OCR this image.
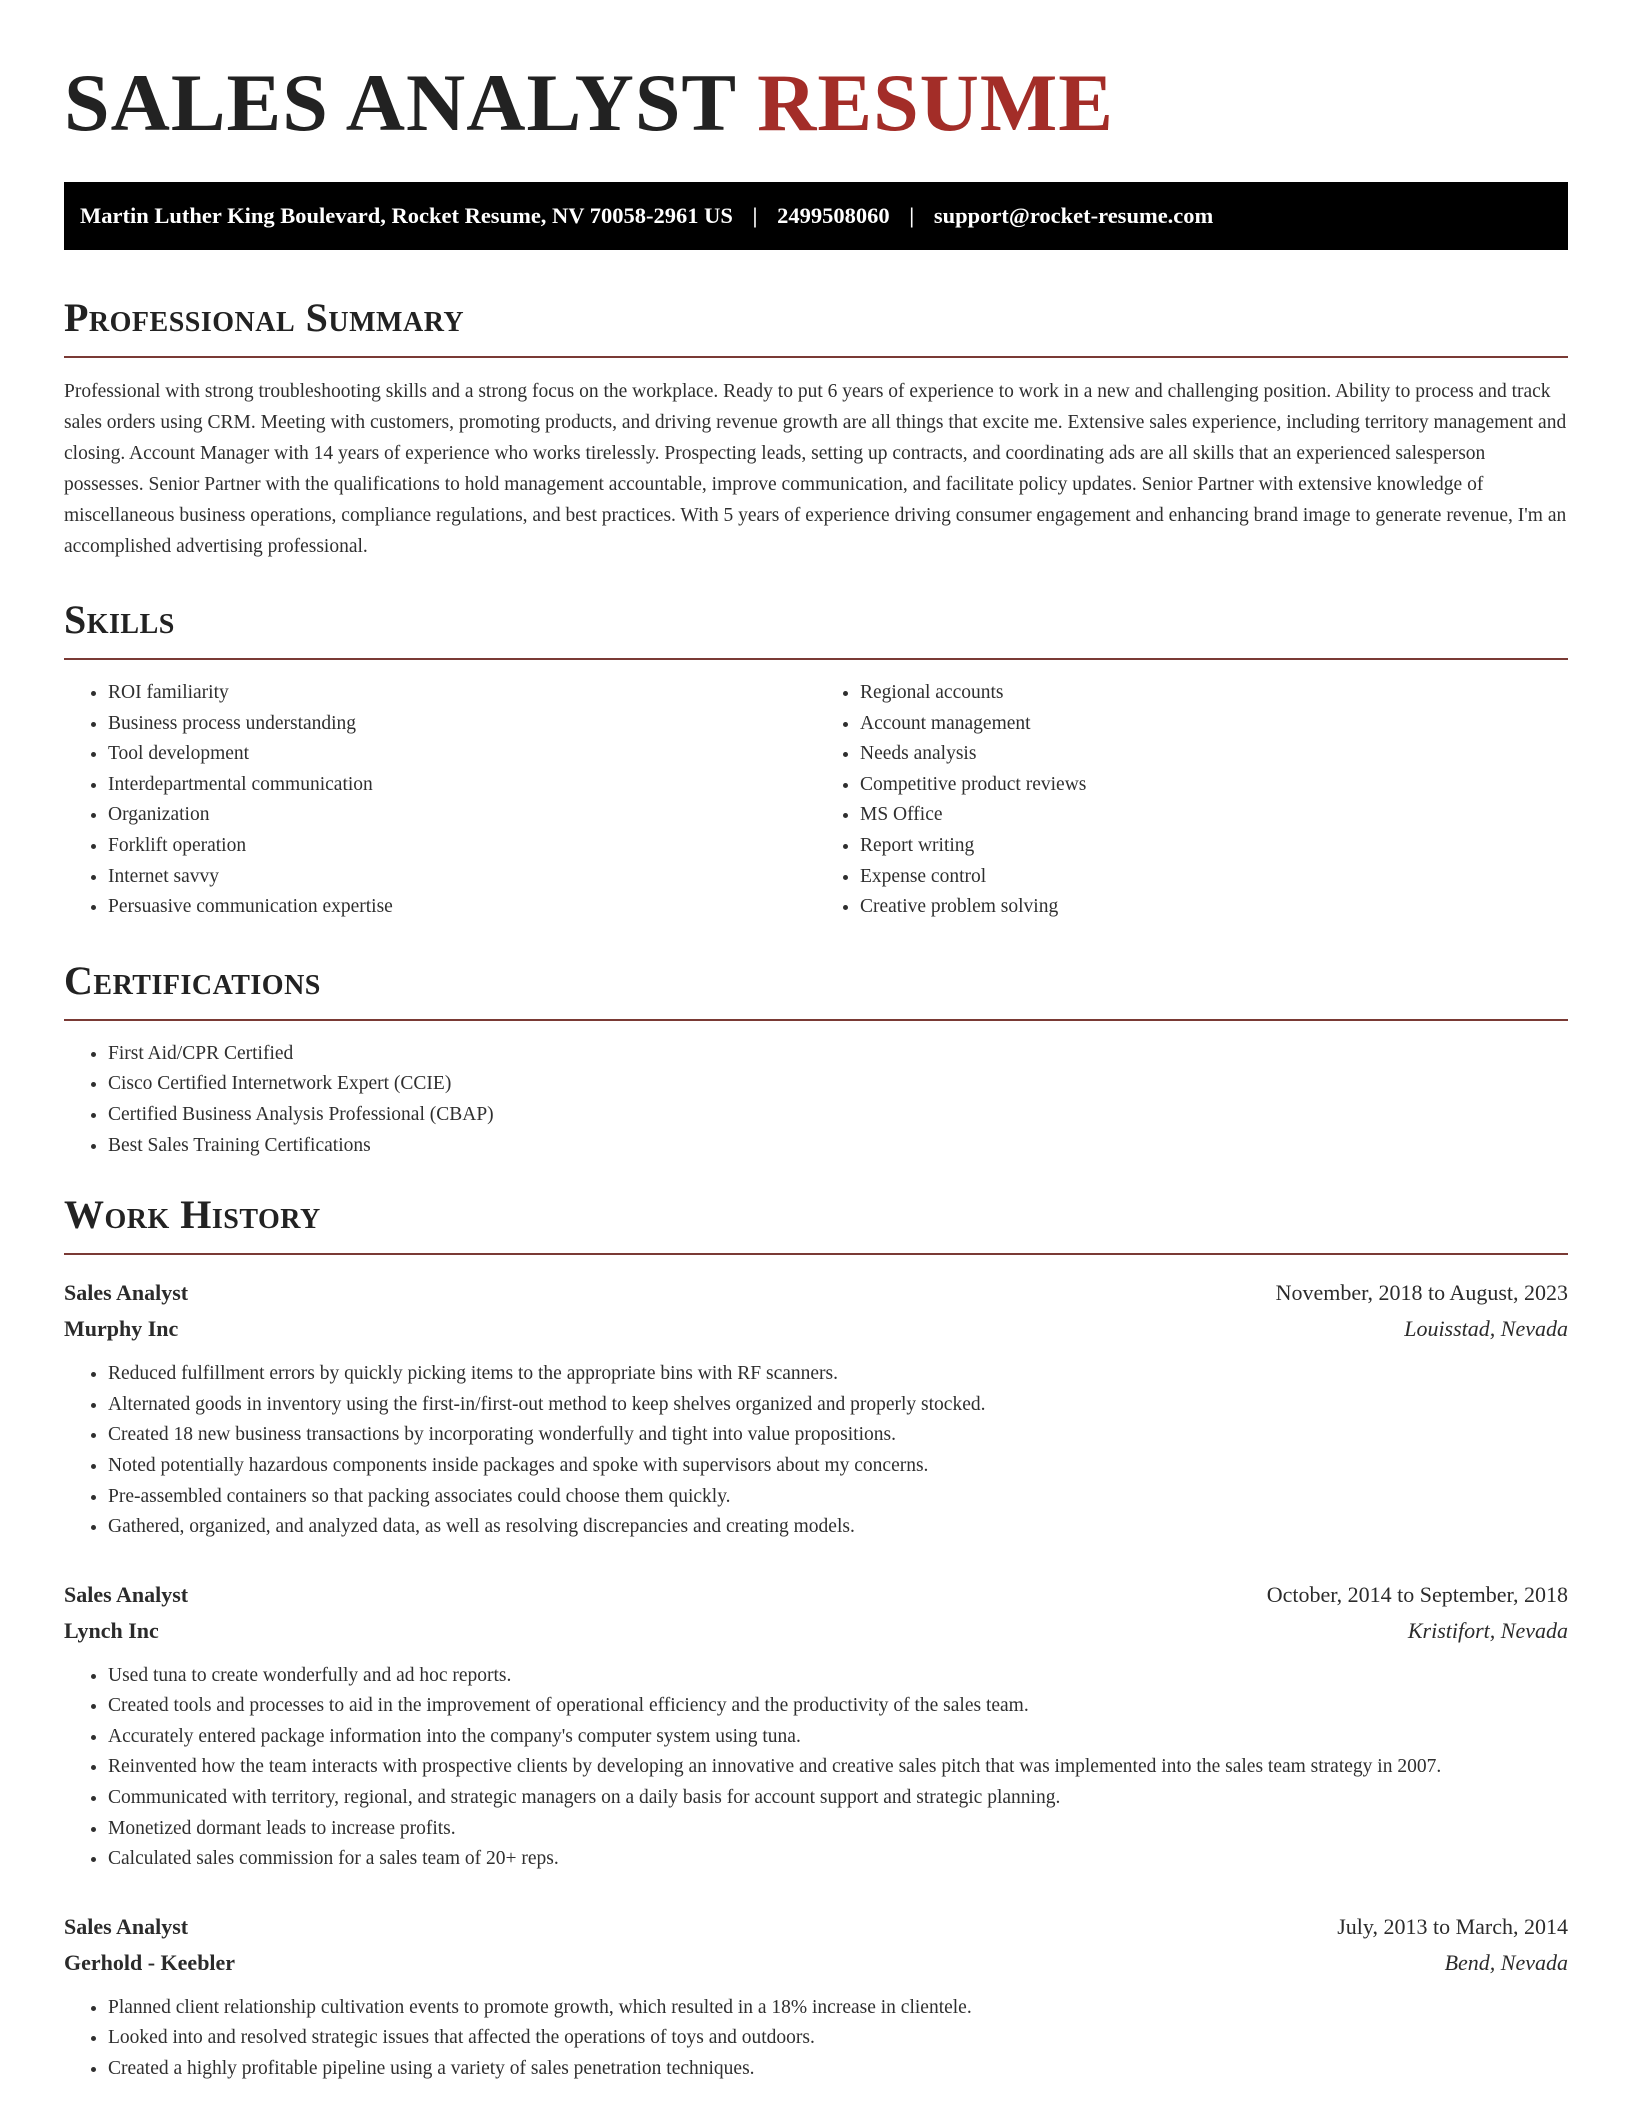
SALES ANALYST RESUME
Martin Luther King Boulevard, Rocket Resume, NV 70058-2961 US | 2499508060 | support@rocket-resume.com
Professional Summary

Professional with strong troubleshooting skills and a strong focus on the workplace. Ready to put 6 years of experience to work in a new and challenging position. Ability to process and track sales orders using CRM. Meeting with customers, promoting products, and driving revenue growth are all things that excite me. Extensive sales experience, including territory management and closing. Account Manager with 14 years of experience who works tirelessly. Prospecting leads, setting up contracts, and coordinating ads are all skills that an experienced salesperson possesses. Senior Partner with the qualifications to hold management accountable, improve communication, and facilitate policy updates. Senior Partner with extensive knowledge of miscellaneous business operations, compliance regulations, and best practices. With 5 years of experience driving consumer engagement and enhancing brand image to generate revenue, I'm an accomplished advertising professional.

Skills
• ROI familiarity
• Business process understanding
• Tool development
• Interdepartmental communication
• Organization
• Forklift operation
• Internet savvy
• Persuasive communication expertise
• Regional accounts
• Account management
• Needs analysis
• Competitive product reviews
• MS Office
• Report writing
• Expense control
• Creative problem solving
Certifications
• First Aid/CPR Certified
• Cisco Certified Internetwork Expert (CCIE)
• Certified Business Analysis Professional (CBAP)
• Best Sales Training Certifications
Work History
Sales Analyst	November, 2018 to August, 2023
Murphy Inc	Louisstad, Nevada
• Reduced fulfillment errors by quickly picking items to the appropriate bins with RF scanners.
• Alternated goods in inventory using the first-in/first-out method to keep shelves organized and properly stocked.
• Created 18 new business transactions by incorporating wonderfully and tight into value propositions.
• Noted potentially hazardous components inside packages and spoke with supervisors about my concerns.
• Pre-assembled containers so that packing associates could choose them quickly.
• Gathered, organized, and analyzed data, as well as resolving discrepancies and creating models.
Sales Analyst	October, 2014 to September, 2018
Lynch Inc	Kristifort, Nevada
• Used tuna to create wonderfully and ad hoc reports.
• Created tools and processes to aid in the improvement of operational efficiency and the productivity of the sales team.
• Accurately entered package information into the company's computer system using tuna.
• Reinvented how the team interacts with prospective clients by developing an innovative and creative sales pitch that was implemented into the sales team strategy in 2007.
• Communicated with territory, regional, and strategic managers on a daily basis for account support and strategic planning.
• Monetized dormant leads to increase profits.
• Calculated sales commission for a sales team of 20+ reps.
Sales Analyst	July, 2013 to March, 2014
Gerhold - Keebler	Bend, Nevada
• Planned client relationship cultivation events to promote growth, which resulted in a 18% increase in clientele.
• Looked into and resolved strategic issues that affected the operations of toys and outdoors.
• Created a highly profitable pipeline using a variety of sales penetration techniques.
